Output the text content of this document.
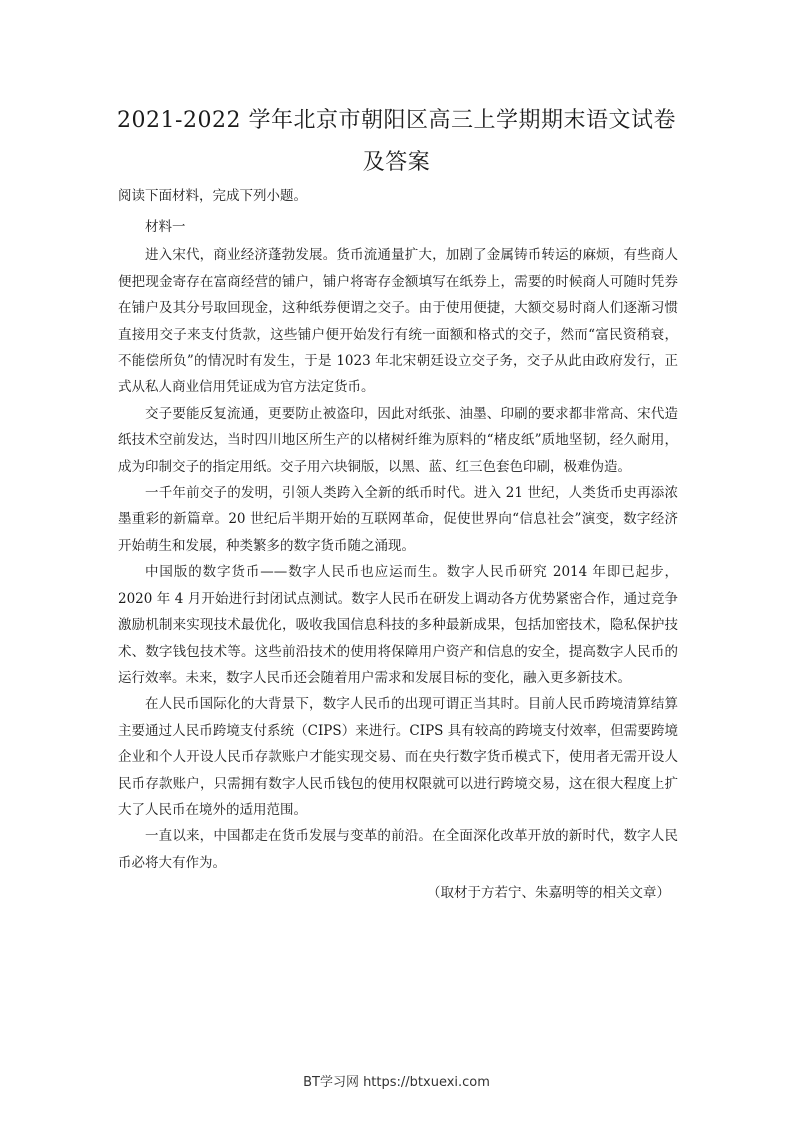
2021-2022 学年北京市朝阳区高三上学期期末语文试卷及答案

阅读下面材料，完成下列小题。

材料一

进入宋代，商业经济蓬勃发展。货币流通量扩大，加剧了金属铸币转运的麻烦，有些商人便把现金寄存在富商经营的铺户，铺户将寄存金额填写在纸券上，需要的时候商人可随时凭券在铺户及其分号取回现金，这种纸券便谓之交子。由于使用便捷，大额交易时商人们逐渐习惯直接用交子来支付货款，这些铺户便开始发行有统一面额和格式的交子，然而“富民资稍衰，不能偿所负”的情况时有发生，于是 1023 年北宋朝廷设立交子务，交子从此由政府发行，正式从私人商业信用凭证成为官方法定货币。

交子要能反复流通，更要防止被盗印，因此对纸张、油墨、印刷的要求都非常高、宋代造纸技术空前发达，当时四川地区所生产的以楮树纤维为原料的“楮皮纸”质地坚韧，经久耐用，成为印制交子的指定用纸。交子用六块铜版，以黑、蓝、红三色套色印刷，极难伪造。

一千年前交子的发明，引领人类跨入全新的纸币时代。进入 21 世纪，人类货币史再添浓墨重彩的新篇章。20 世纪后半期开始的互联网革命，促使世界向“信息社会”演变，数字经济开始萌生和发展，种类繁多的数字货币随之涌现。

中国版的数字货币——数字人民币也应运而生。数字人民币研究 2014 年即已起步，2020 年 4 月开始进行封闭试点测试。数字人民币在研发上调动各方优势紧密合作，通过竞争激励机制来实现技术最优化，吸收我国信息科技的多种最新成果，包括加密技术，隐私保护技术、数字钱包技术等。这些前沿技术的使用将保障用户资产和信息的安全，提高数字人民币的运行效率。未来，数字人民币还会随着用户需求和发展目标的变化，融入更多新技术。

在人民币国际化的大背景下，数字人民币的出现可谓正当其时。目前人民币跨境清算结算主要通过人民币跨境支付系统（CIPS）来进行。CIPS 具有较高的跨境支付效率，但需要跨境企业和个人开设人民币存款账户才能实现交易、而在央行数字货币模式下，使用者无需开设人民币存款账户，只需拥有数字人民币钱包的使用权限就可以进行跨境交易，这在很大程度上扩大了人民币在境外的适用范围。

一直以来，中国都走在货币发展与变革的前沿。在全面深化改革开放的新时代，数字人民币必将大有作为。

（取材于方若宁、朱嘉明等的相关文章）

BT学习网 https://btxuexi.com
